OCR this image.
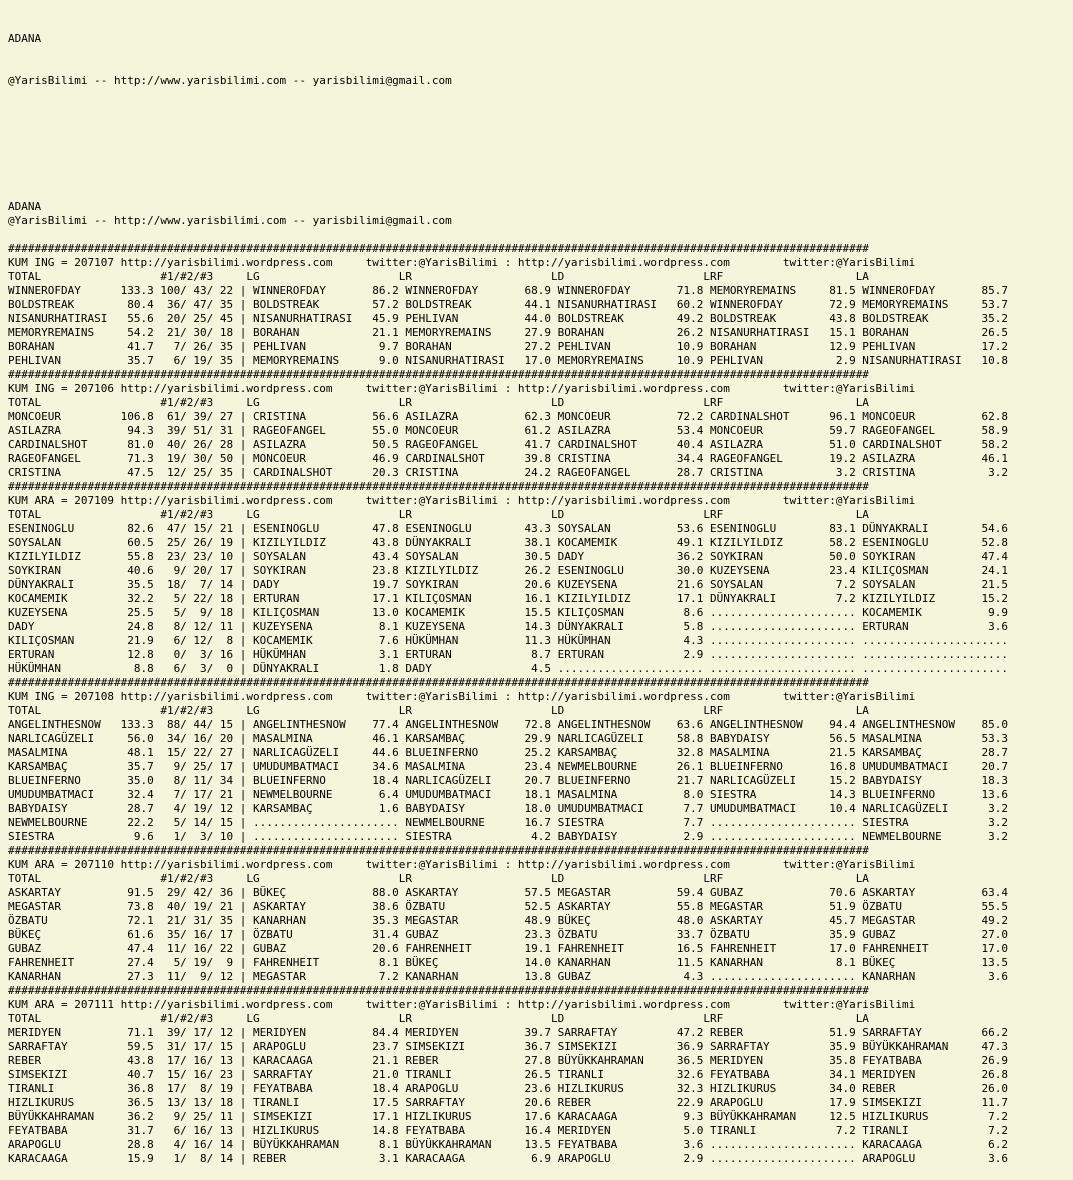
ADANA

@YarisBilimi -- http://www.yarisbilimi.com -- yarisbilimi@gmail.com

ADANA
@YarisBilimi -- http://www.yarisbilimi.com -- yarisbilimi@gmail.com
##################################################################################################################################
KUM ING = 207107 http://yarisbilimi.wordpress.com     twitter:@YarisBilimi : http://yarisbilimi.wordpress.com        twitter:@YarisBilimi
TOTAL                  #1/#2/#3     LG                     LR                     LD                     LRF                    LA
WINNEROFDAY      133.3 100/ 43/ 22 | WINNEROFDAY       86.2 WINNEROFDAY       68.9 WINNEROFDAY       71.8 MEMORYREMAINS     81.5 WINNEROFDAY       85.7
BOLDSTREAK        80.4  36/ 47/ 35 | BOLDSTREAK        57.2 BOLDSTREAK        44.1 NISANURHATIRASI   60.2 WINNEROFDAY       72.9 MEMORYREMAINS     53.7
NISANURHATIRASI   55.6  20/ 25/ 45 | NISANURHATIRASI   45.9 PEHLIVAN          44.0 BOLDSTREAK        49.2 BOLDSTREAK        43.8 BOLDSTREAK        35.2
MEMORYREMAINS     54.2  21/ 30/ 18 | BORAHAN           21.1 MEMORYREMAINS     27.9 BORAHAN           26.2 NISANURHATIRASI   15.1 BORAHAN           26.5
BORAHAN           41.7   7/ 26/ 35 | PEHLIVAN           9.7 BORAHAN           27.2 PEHLIVAN          10.9 BORAHAN           12.9 PEHLIVAN          17.2
PEHLIVAN          35.7   6/ 19/ 35 | MEMORYREMAINS      9.0 NISANURHATIRASI   17.0 MEMORYREMAINS     10.9 PEHLIVAN           2.9 NISANURHATIRASI   10.8
##################################################################################################################################
KUM ING = 207106 http://yarisbilimi.wordpress.com     twitter:@YarisBilimi : http://yarisbilimi.wordpress.com        twitter:@YarisBilimi
TOTAL                  #1/#2/#3     LG                     LR                     LD                     LRF                    LA
MONCOEUR         106.8  61/ 39/ 27 | CRISTINA          56.6 ASILAZRA          62.3 MONCOEUR          72.2 CARDINALSHOT      96.1 MONCOEUR          62.8
ASILAZRA          94.3  39/ 51/ 31 | RAGEOFANGEL       55.0 MONCOEUR          61.2 ASILAZRA          53.4 MONCOEUR          59.7 RAGEOFANGEL       58.9
CARDINALSHOT      81.0  40/ 26/ 28 | ASILAZRA          50.5 RAGEOFANGEL       41.7 CARDINALSHOT      40.4 ASILAZRA          51.0 CARDINALSHOT      58.2
RAGEOFANGEL       71.3  19/ 30/ 50 | MONCOEUR          46.9 CARDINALSHOT      39.8 CRISTINA          34.4 RAGEOFANGEL       19.2 ASILAZRA          46.1
CRISTINA          47.5  12/ 25/ 35 | CARDINALSHOT      20.3 CRISTINA          24.2 RAGEOFANGEL       28.7 CRISTINA           3.2 CRISTINA           3.2
##################################################################################################################################
KUM ARA = 207109 http://yarisbilimi.wordpress.com     twitter:@YarisBilimi : http://yarisbilimi.wordpress.com        twitter:@YarisBilimi
TOTAL                  #1/#2/#3     LG                     LR                     LD                     LRF                    LA
ESENINOGLU        82.6  47/ 15/ 21 | ESENINOGLU        47.8 ESENINOGLU        43.3 SOYSALAN          53.6 ESENINOGLU        83.1 DÜNYAKRALI        54.6
SOYSALAN          60.5  25/ 26/ 19 | KIZILYILDIZ       43.8 DÜNYAKRALI        38.1 KOCAMEMIK         49.1 KIZILYILDIZ       58.2 ESENINOGLU        52.8
KIZILYILDIZ       55.8  23/ 23/ 10 | SOYSALAN          43.4 SOYSALAN          30.5 DADY              36.2 SOYKIRAN          50.0 SOYKIRAN          47.4
SOYKIRAN          40.6   9/ 20/ 17 | SOYKIRAN          23.8 KIZILYILDIZ       26.2 ESENINOGLU        30.0 KUZEYSENA         23.4 KILIÇOSMAN        24.1
DÜNYAKRALI        35.5  18/  7/ 14 | DADY              19.7 SOYKIRAN          20.6 KUZEYSENA         21.6 SOYSALAN           7.2 SOYSALAN          21.5
KOCAMEMIK         32.2   5/ 22/ 18 | ERTURAN           17.1 KILIÇOSMAN        16.1 KIZILYILDIZ       17.1 DÜNYAKRALI         7.2 KIZILYILDIZ       15.2
KUZEYSENA         25.5   5/  9/ 18 | KILIÇOSMAN        13.0 KOCAMEMIK         15.5 KILIÇOSMAN         8.6 ...................... KOCAMEMIK          9.9
DADY              24.8   8/ 12/ 11 | KUZEYSENA          8.1 KUZEYSENA         14.3 DÜNYAKRALI         5.8 ...................... ERTURAN            3.6
KILIÇOSMAN        21.9   6/ 12/  8 | KOCAMEMIK          7.6 HÜKÜMHAN          11.3 HÜKÜMHAN           4.3 ...................... ......................
ERTURAN           12.8   0/  3/ 16 | HÜKÜMHAN           3.1 ERTURAN            8.7 ERTURAN            2.9 ...................... ......................
HÜKÜMHAN           8.8   6/  3/  0 | DÜNYAKRALI         1.8 DADY               4.5 ...................... ...................... ......................
##################################################################################################################################
KUM ING = 207108 http://yarisbilimi.wordpress.com     twitter:@YarisBilimi : http://yarisbilimi.wordpress.com        twitter:@YarisBilimi
TOTAL                  #1/#2/#3     LG                     LR                     LD                     LRF                    LA
ANGELINTHESNOW   133.3  88/ 44/ 15 | ANGELINTHESNOW    77.4 ANGELINTHESNOW    72.8 ANGELINTHESNOW    63.6 ANGELINTHESNOW    94.4 ANGELINTHESNOW    85.0
NARLICAGÜZELI     56.0  34/ 16/ 20 | MASALMINA         46.1 KARSAMBAÇ         29.9 NARLICAGÜZELI     58.8 BABYDAISY         56.5 MASALMINA         53.3
MASALMINA         48.1  15/ 22/ 27 | NARLICAGÜZELI     44.6 BLUEINFERNO       25.2 KARSAMBAÇ         32.8 MASALMINA         21.5 KARSAMBAÇ         28.7
KARSAMBAÇ         35.7   9/ 25/ 17 | UMUDUMBATMACI     34.6 MASALMINA         23.4 NEWMELBOURNE      26.1 BLUEINFERNO       16.8 UMUDUMBATMACI     20.7
BLUEINFERNO       35.0   8/ 11/ 34 | BLUEINFERNO       18.4 NARLICAGÜZELI     20.7 BLUEINFERNO       21.7 NARLICAGÜZELI     15.2 BABYDAISY         18.3
UMUDUMBATMACI     32.4   7/ 17/ 21 | NEWMELBOURNE       6.4 UMUDUMBATMACI     18.1 MASALMINA          8.0 SIESTRA           14.3 BLUEINFERNO       13.6
BABYDAISY         28.7   4/ 19/ 12 | KARSAMBAÇ          1.6 BABYDAISY         18.0 UMUDUMBATMACI      7.7 UMUDUMBATMACI     10.4 NARLICAGÜZELI      3.2
NEWMELBOURNE      22.2   5/ 14/ 15 | ...................... NEWMELBOURNE      16.7 SIESTRA            7.7 ...................... SIESTRA            3.2
SIESTRA            9.6   1/  3/ 10 | ...................... SIESTRA            4.2 BABYDAISY          2.9 ...................... NEWMELBOURNE       3.2
##################################################################################################################################
KUM ARA = 207110 http://yarisbilimi.wordpress.com     twitter:@YarisBilimi : http://yarisbilimi.wordpress.com        twitter:@YarisBilimi
TOTAL                  #1/#2/#3     LG                     LR                     LD                     LRF                    LA
ASKARTAY          91.5  29/ 42/ 36 | BÜKEÇ             88.0 ASKARTAY          57.5 MEGASTAR          59.4 GUBAZ             70.6 ASKARTAY          63.4
MEGASTAR          73.8  40/ 19/ 21 | ASKARTAY          38.6 ÖZBATU            52.5 ASKARTAY          55.8 MEGASTAR          51.9 ÖZBATU            55.5
ÖZBATU            72.1  21/ 31/ 35 | KANARHAN          35.3 MEGASTAR          48.9 BÜKEÇ             48.0 ASKARTAY          45.7 MEGASTAR          49.2
BÜKEÇ             61.6  35/ 16/ 17 | ÖZBATU            31.4 GUBAZ             23.3 ÖZBATU            33.7 ÖZBATU            35.9 GUBAZ             27.0
GUBAZ             47.4  11/ 16/ 22 | GUBAZ             20.6 FAHRENHEIT        19.1 FAHRENHEIT        16.5 FAHRENHEIT        17.0 FAHRENHEIT        17.0
FAHRENHEIT        27.4   5/ 19/  9 | FAHRENHEIT         8.1 BÜKEÇ             14.0 KANARHAN          11.5 KANARHAN           8.1 BÜKEÇ             13.5
KANARHAN          27.3  11/  9/ 12 | MEGASTAR           7.2 KANARHAN          13.8 GUBAZ              4.3 ...................... KANARHAN           3.6
##################################################################################################################################
KUM ARA = 207111 http://yarisbilimi.wordpress.com     twitter:@YarisBilimi : http://yarisbilimi.wordpress.com        twitter:@YarisBilimi
TOTAL                  #1/#2/#3     LG                     LR                     LD                     LRF                    LA
MERIDYEN          71.1  39/ 17/ 12 | MERIDYEN          84.4 MERIDYEN          39.7 SARRAFTAY         47.2 REBER             51.9 SARRAFTAY         66.2
SARRAFTAY         59.5  31/ 17/ 15 | ARAPOGLU          23.7 SIMSEKIZI         36.7 SIMSEKIZI         36.9 SARRAFTAY         35.9 BÜYÜKKAHRAMAN     47.3
REBER             43.8  17/ 16/ 13 | KARACAAGA         21.1 REBER             27.8 BÜYÜKKAHRAMAN     36.5 MERIDYEN          35.8 FEYATBABA         26.9
SIMSEKIZI         40.7  15/ 16/ 23 | SARRAFTAY         21.0 TIRANLI           26.5 TIRANLI           32.6 FEYATBABA         34.1 MERIDYEN          26.8
TIRANLI           36.8  17/  8/ 19 | FEYATBABA         18.4 ARAPOGLU          23.6 HIZLIKURUS        32.3 HIZLIKURUS        34.0 REBER             26.0
HIZLIKURUS        36.5  13/ 13/ 18 | TIRANLI           17.5 SARRAFTAY         20.6 REBER             22.9 ARAPOGLU          17.9 SIMSEKIZI         11.7
BÜYÜKKAHRAMAN     36.2   9/ 25/ 11 | SIMSEKIZI         17.1 HIZLIKURUS        17.6 KARACAAGA          9.3 BÜYÜKKAHRAMAN     12.5 HIZLIKURUS         7.2
FEYATBABA         31.7   6/ 16/ 13 | HIZLIKURUS        14.8 FEYATBABA         16.4 MERIDYEN           5.0 TIRANLI            7.2 TIRANLI            7.2
ARAPOGLU          28.8   4/ 16/ 14 | BÜYÜKKAHRAMAN      8.1 BÜYÜKKAHRAMAN     13.5 FEYATBABA          3.6 ...................... KARACAAGA          6.2
KARACAAGA         15.9   1/  8/ 14 | REBER              3.1 KARACAAGA          6.9 ARAPOGLU           2.9 ...................... ARAPOGLU           3.6
